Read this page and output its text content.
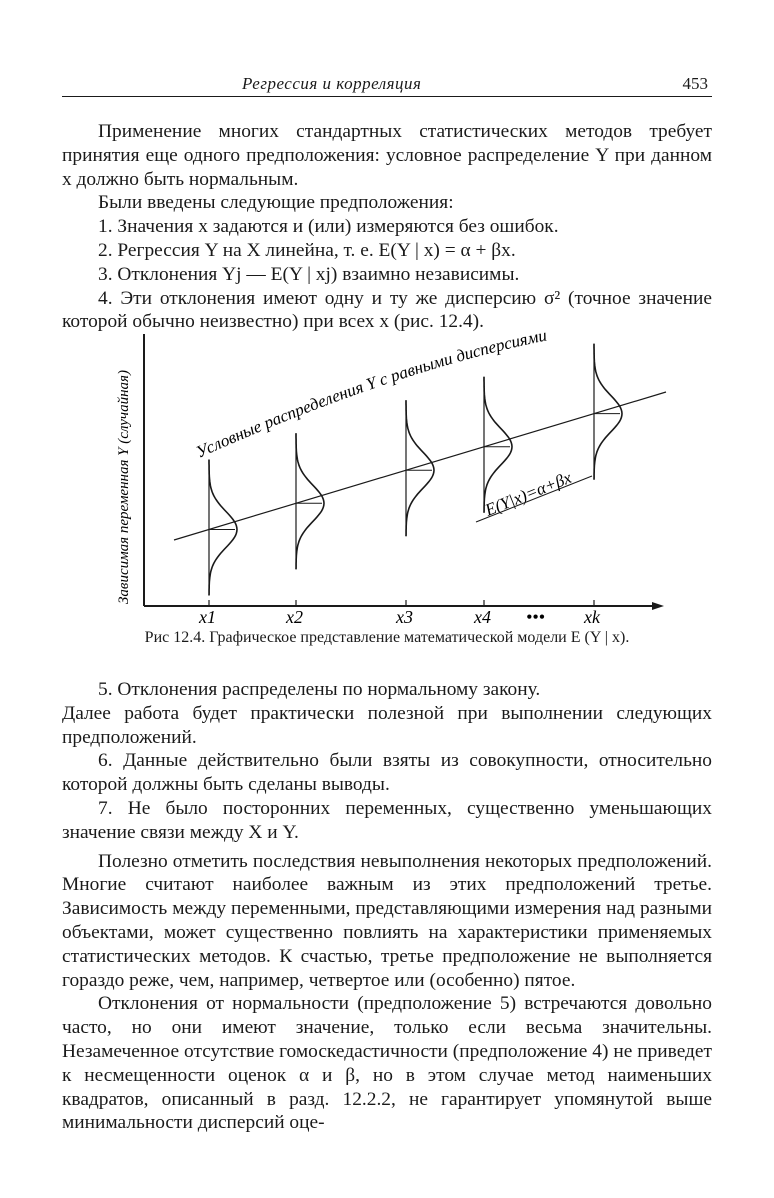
Регрессия и корреляция	453

Применение многих стандартных статистических методов требует принятия еще одного предположения: условное распределение Y при данном x должно быть нормальным.

Были введены следующие предположения:

1. Значения x задаются и (или) измеряются без ошибок.

2. Регрессия Y на X линейна, т. е. E(Y | x) = α + βx.

3. Отклонения Yj — E(Y | xj) взаимно независимы.

4. Эти отклонения имеют одну и ту же дисперсию σ² (точное значение которой обычно неизвестно) при всех x (рис. 12.4).

Зависимая переменная Y (случайная)	Условные распределения Y с равными дисперсиями
E(Y|x)=α+βx
x1	x2	x3	x4 ••• xk
Рис 12.4. Графическое представление математической модели E (Y | x).

5. Отклонения распределены по нормальному закону.

Далее работа будет практически полезной при выполнении следующих предположений.

6. Данные действительно были взяты из совокупности, относительно которой должны быть сделаны выводы.

7. Не было посторонних переменных, существенно уменьшающих значение связи между X и Y.

Полезно отметить последствия невыполнения некоторых предположений. Многие считают наиболее важным из этих предположений третье. Зависимость между переменными, представляющими измерения над разными объектами, может существенно повлиять на характеристики применяемых статистических методов. К счастью, третье предположение не выполняется гораздо реже, чем, например, четвертое или (особенно) пятое.

Отклонения от нормальности (предположение 5) встречаются довольно часто, но они имеют значение, только если весьма значительны. Незамеченное отсутствие гомоскедастичности (предположение 4) не приведет к несмещенности оценок α и β, но в этом случае метод наименьших квадратов, описанный в разд. 12.2.2, не гарантирует упомянутой выше минимальности дисперсий оце-
